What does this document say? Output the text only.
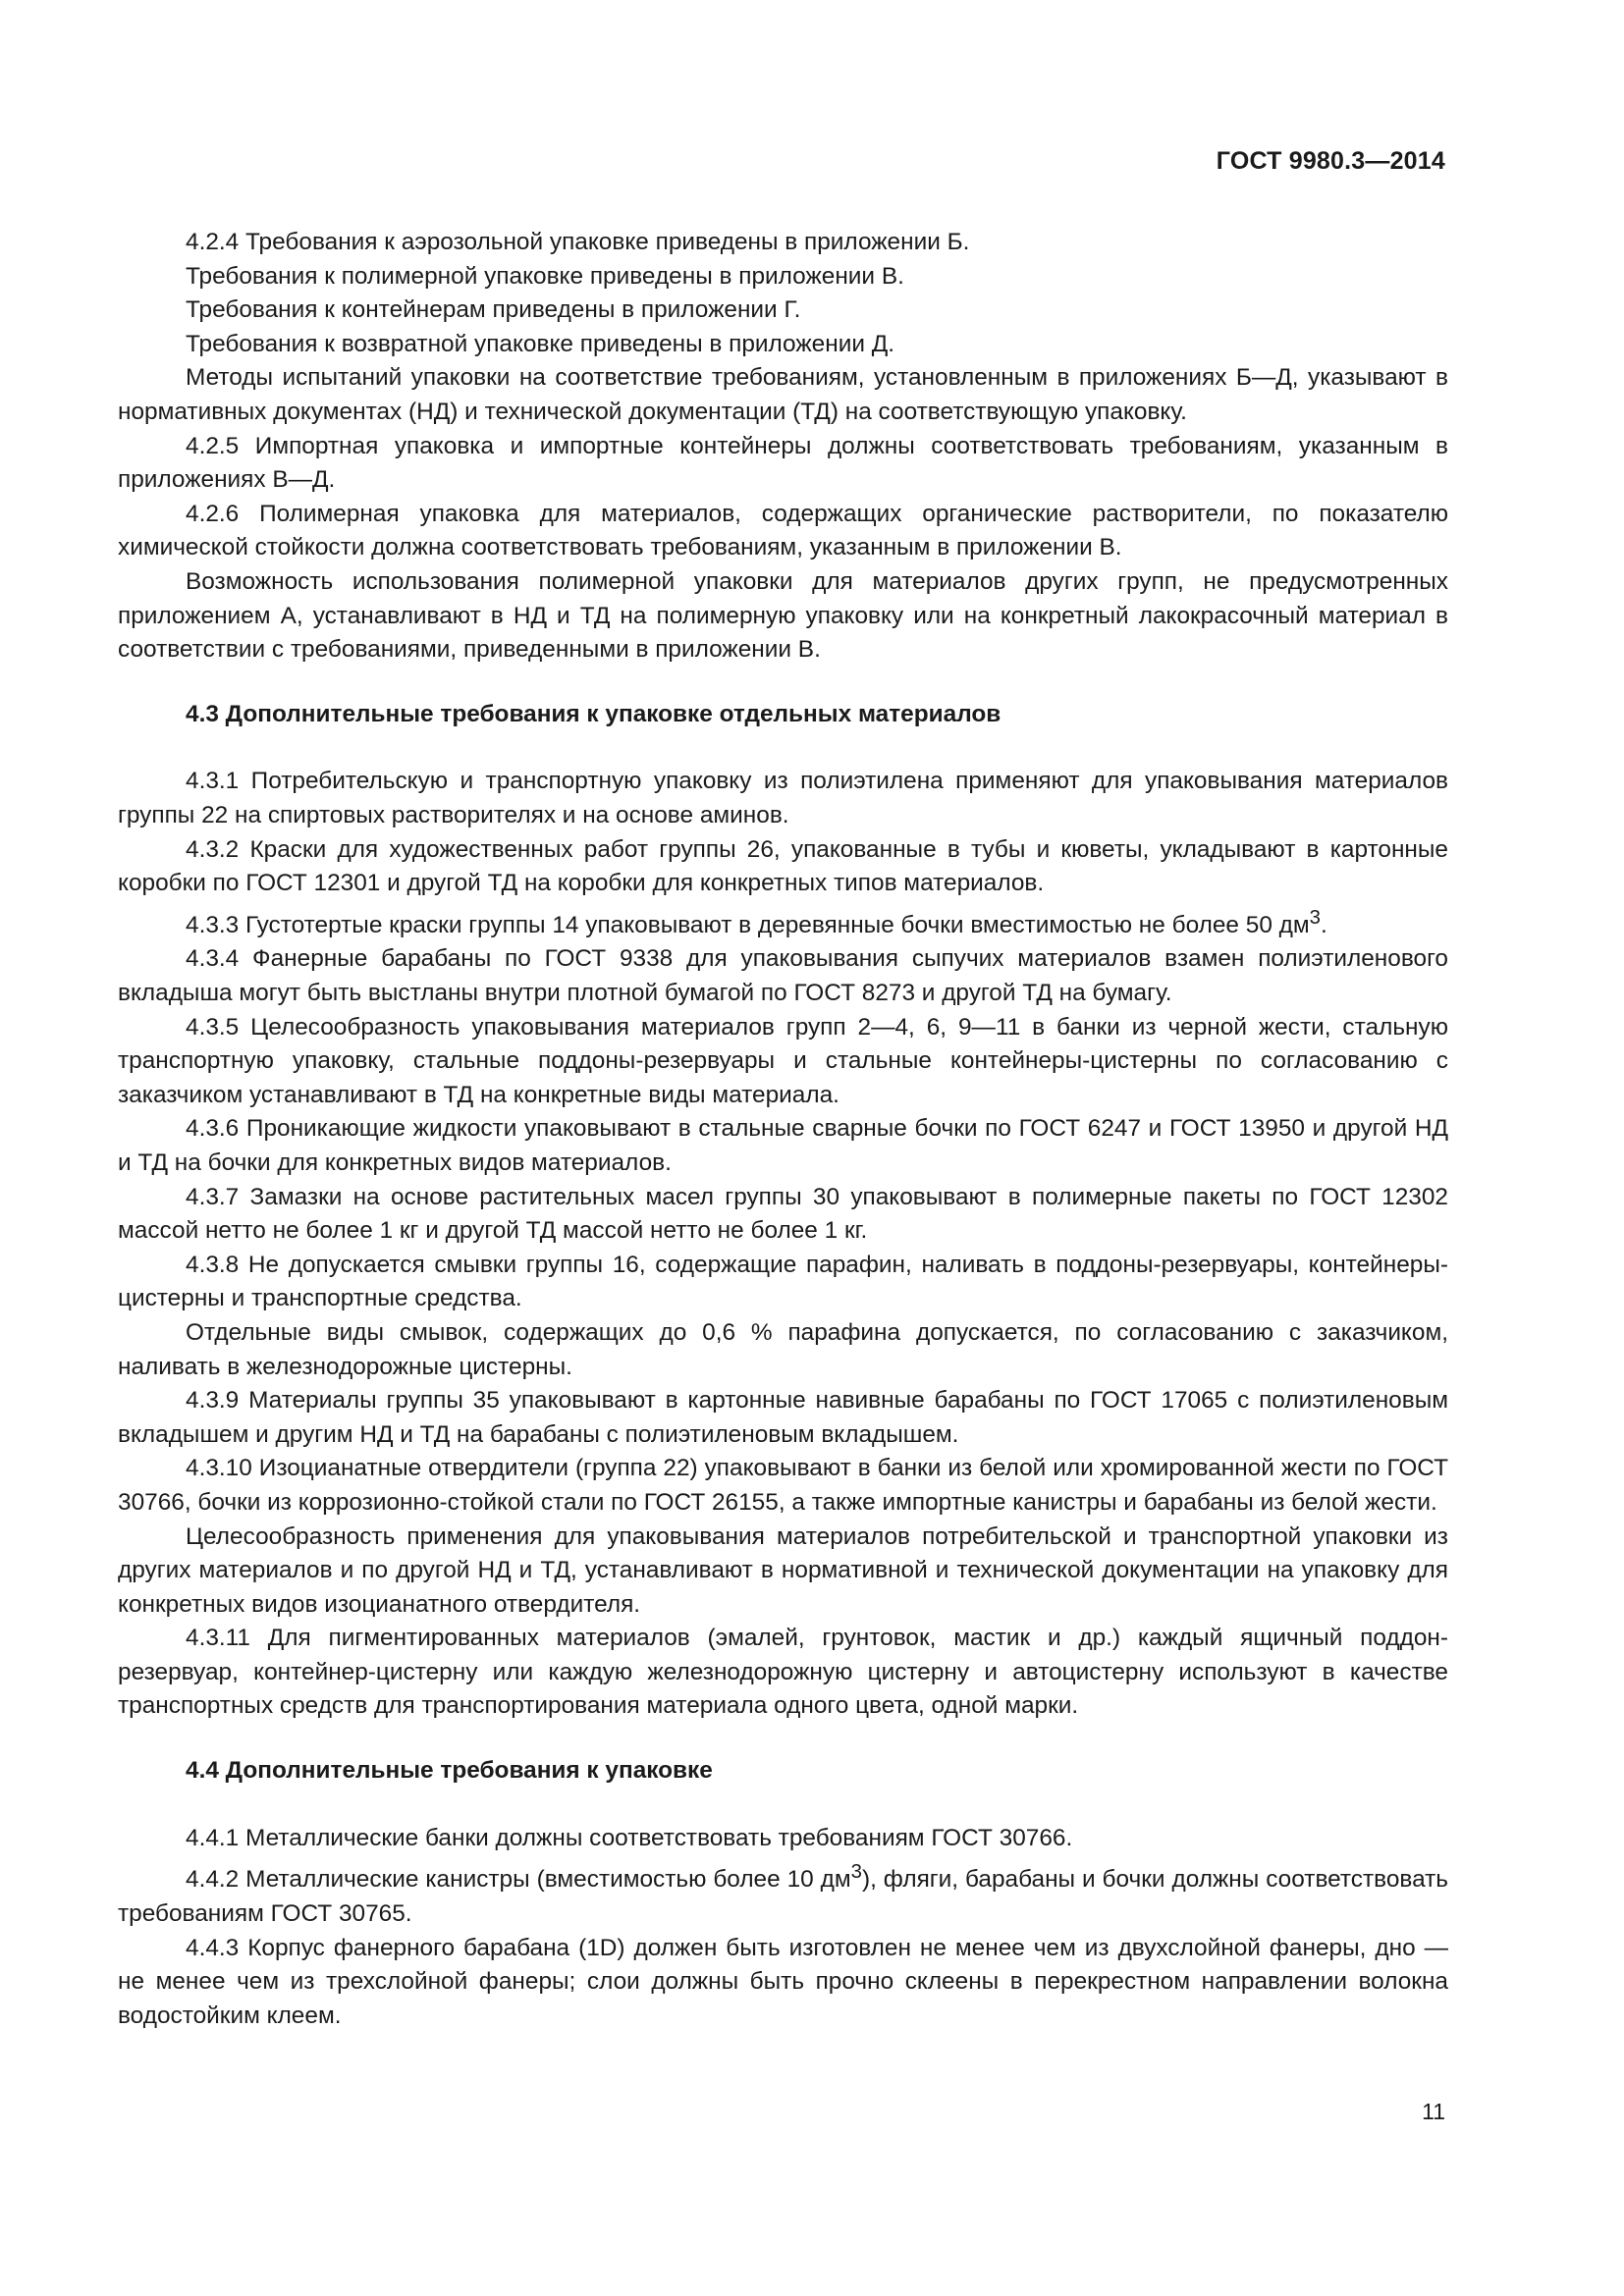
ГОСТ 9980.3—2014

4.2.4 Требования к аэрозольной упаковке приведены в приложении Б.

Требования к полимерной упаковке приведены в приложении В.

Требования к контейнерам приведены в приложении Г.

Требования к возвратной упаковке приведены в приложении Д.

Методы испытаний упаковки на соответствие требованиям, установленным в приложениях Б—Д, указывают в нормативных документах (НД) и технической документации (ТД) на соответствующую упаковку.

4.2.5 Импортная упаковка и импортные контейнеры должны соответствовать требованиям, указанным в приложениях В—Д.

4.2.6 Полимерная упаковка для материалов, содержащих органические растворители, по показателю химической стойкости должна соответствовать требованиям, указанным в приложении В.

Возможность использования полимерной упаковки для материалов других групп, не предусмотренных приложением А, устанавливают в НД и ТД на полимерную упаковку или на конкретный лакокрасочный материал в соответствии с требованиями, приведенными в приложении В.

4.3 Дополнительные требования к упаковке отдельных материалов

4.3.1 Потребительскую и транспортную упаковку из полиэтилена применяют для упаковывания материалов группы 22 на спиртовых растворителях и на основе аминов.

4.3.2 Краски для художественных работ группы 26, упакованные в тубы и кюветы, укладывают в картонные коробки по ГОСТ 12301 и другой ТД на коробки для конкретных типов материалов.

4.3.3 Густотертые краски группы 14 упаковывают в деревянные бочки вместимостью не более 50 $дм^3$.

4.3.4 Фанерные барабаны по ГОСТ 9338 для упаковывания сыпучих материалов взамен полиэтиленового вкладыша могут быть выстланы внутри плотной бумагой по ГОСТ 8273 и другой ТД на бумагу.

4.3.5 Целесообразность упаковывания материалов групп 2—4, 6, 9—11 в банки из черной жести, стальную транспортную упаковку, стальные поддоны-резервуары и стальные контейнеры-цистерны по согласованию с заказчиком устанавливают в ТД на конкретные виды материала.

4.3.6 Проникающие жидкости упаковывают в стальные сварные бочки по ГОСТ 6247 и ГОСТ 13950 и другой НД и ТД на бочки для конкретных видов материалов.

4.3.7 Замазки на основе растительных масел группы 30 упаковывают в полимерные пакеты по ГОСТ 12302 массой нетто не более 1 кг и другой ТД массой нетто не более 1 кг.

4.3.8 Не допускается смывки группы 16, содержащие парафин, наливать в поддоны-резервуары, контейнеры-цистерны и транспортные средства.

Отдельные виды смывок, содержащих до 0,6 % парафина допускается, по согласованию с заказчиком, наливать в железнодорожные цистерны.

4.3.9 Материалы группы 35 упаковывают в картонные навивные барабаны по ГОСТ 17065 с полиэтиленовым вкладышем и другим НД и ТД на барабаны с полиэтиленовым вкладышем.

4.3.10 Изоцианатные отвердители (группа 22) упаковывают в банки из белой или хромированной жести по ГОСТ 30766, бочки из коррозионно-стойкой стали по ГОСТ 26155, а также импортные канистры и барабаны из белой жести.

Целесообразность применения для упаковывания материалов потребительской и транспортной упаковки из других материалов и по другой НД и ТД, устанавливают в нормативной и технической документации на упаковку для конкретных видов изоцианатного отвердителя.

4.3.11 Для пигментированных материалов (эмалей, грунтовок, мастик и др.) каждый ящичный поддон-резервуар, контейнер-цистерну или каждую железнодорожную цистерну и автоцистерну используют в качестве транспортных средств для транспортирования материала одного цвета, одной марки.

4.4 Дополнительные требования к упаковке

4.4.1 Металлические банки должны соответствовать требованиям ГОСТ 30766.

4.4.2 Металлические канистры (вместимостью более 10 $дм^3$), фляги, барабаны и бочки должны соответствовать требованиям ГОСТ 30765.

4.4.3 Корпус фанерного барабана (1D) должен быть изготовлен не менее чем из двухслойной фанеры, дно — не менее чем из трехслойной фанеры; слои должны быть прочно склеены в перекрестном направлении волокна водостойким клеем.

11
